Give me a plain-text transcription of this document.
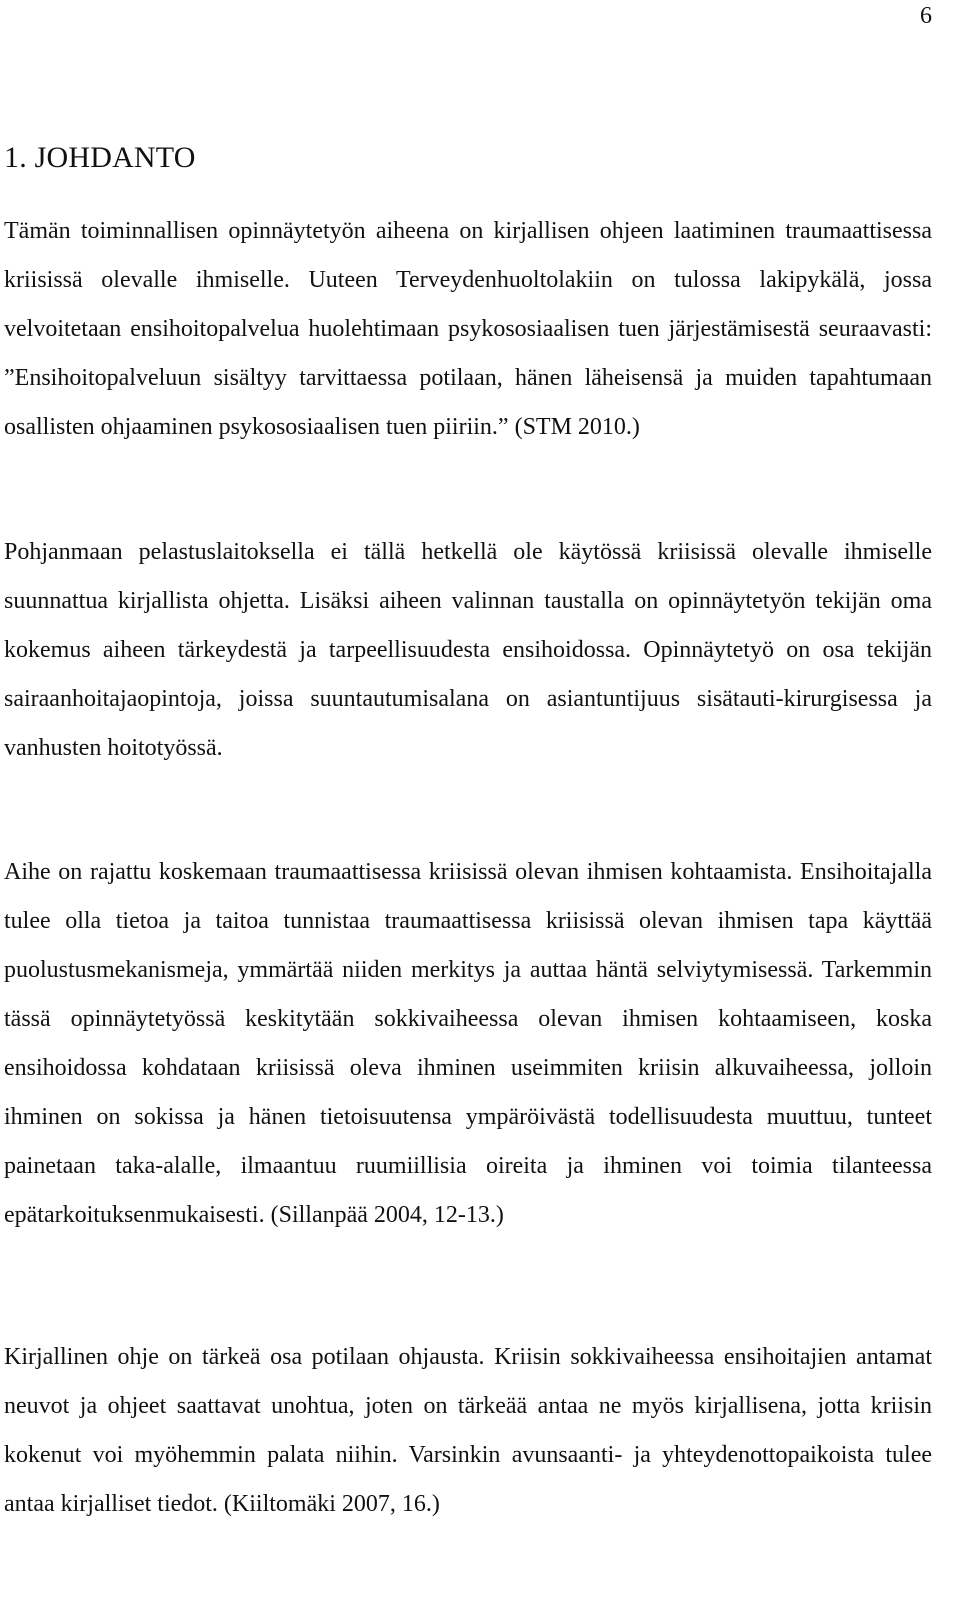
6

1. JOHDANTO

Tämän toiminnallisen opinnäytetyön aiheena on kirjallisen ohjeen laatiminen traumaattisessa kriisissä olevalle ihmiselle. Uuteen Terveydenhuoltolakiin on tulossa lakipykälä, jossa velvoitetaan ensihoitopalvelua huolehtimaan psykososiaalisen tuen järjestämisestä seuraavasti: ”Ensihoitopalveluun sisältyy tarvittaessa potilaan, hänen läheisensä ja muiden tapahtumaan osallisten ohjaaminen psykososiaalisen tuen piiriin.” (STM 2010.)

Pohjanmaan pelastuslaitoksella ei tällä hetkellä ole käytössä kriisissä olevalle ihmiselle suunnattua kirjallista ohjetta. Lisäksi aiheen valinnan taustalla on opinnäytetyön tekijän oma kokemus aiheen tärkeydestä ja tarpeellisuudesta ensihoidossa. Opinnäytetyö on osa tekijän sairaanhoitajaopintoja, joissa suuntautumisalana on asiantuntijuus sisätauti-kirurgisessa ja vanhusten hoitotyössä.

Aihe on rajattu koskemaan traumaattisessa kriisissä olevan ihmisen kohtaamista. Ensihoitajalla tulee olla tietoa ja taitoa tunnistaa traumaattisessa kriisissä olevan ihmisen tapa käyttää puolustusmekanismeja, ymmärtää niiden merkitys ja auttaa häntä selviytymisessä. Tarkemmin tässä opinnäytetyössä keskitytään sokkivaiheessa olevan ihmisen kohtaamiseen, koska ensihoidossa kohdataan kriisissä oleva ihminen useimmiten kriisin alkuvaiheessa, jolloin ihminen on sokissa ja hänen tietoisuutensa ympäröivästä todellisuudesta muuttuu, tunteet painetaan taka-alalle, ilmaantuu ruumiillisia oireita ja ihminen voi toimia tilanteessa epätarkoituksenmukaisesti. (Sillanpää 2004, 12-13.)

Kirjallinen ohje on tärkeä osa potilaan ohjausta. Kriisin sokkivaiheessa ensihoitajien antamat neuvot ja ohjeet saattavat unohtua, joten on tärkeää antaa ne myös kirjallisena, jotta kriisin kokenut voi myöhemmin palata niihin. Varsinkin avunsaanti- ja yhteydenottopaikoista tulee antaa kirjalliset tiedot. (Kiiltomäki 2007, 16.)
